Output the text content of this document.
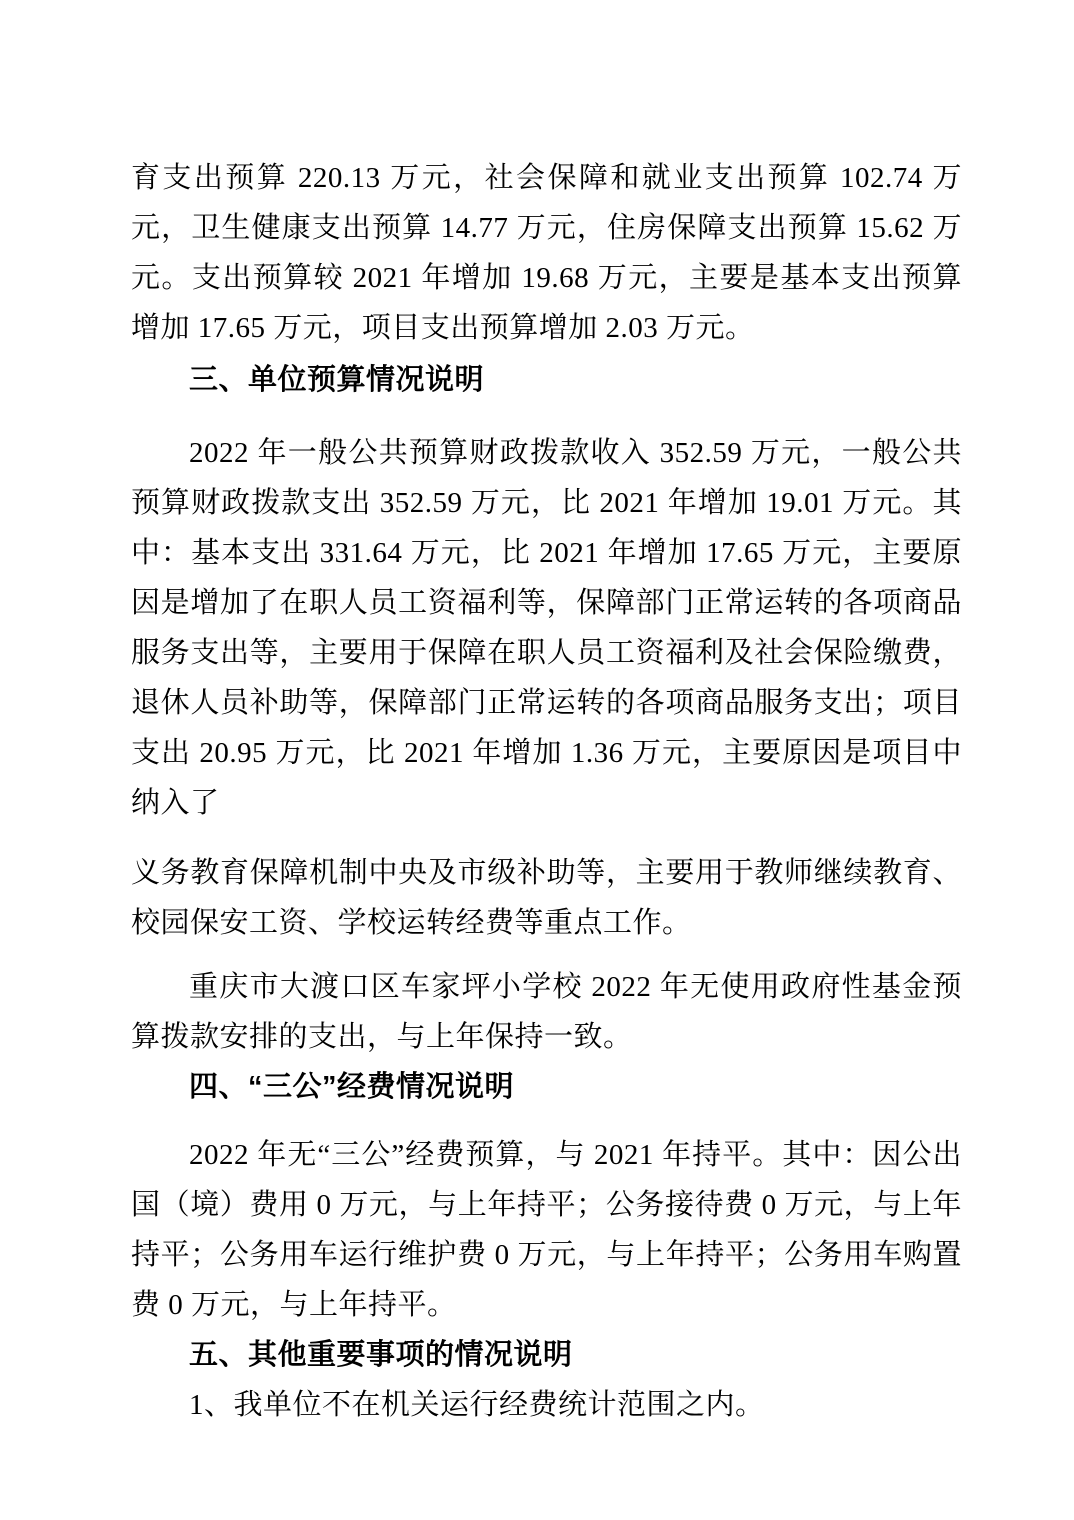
育支出预算 220.13 万元，社会保障和就业支出预算 102.74 万元，卫生健康支出预算 14.77 万元，住房保障支出预算 15.62 万元。支出预算较 2021 年增加 19.68 万元，主要是基本支出预算增加 17.65 万元，项目支出预算增加 2.03 万元。

三、单位预算情况说明

2022 年一般公共预算财政拨款收入 352.59 万元，一般公共预算财政拨款支出 352.59 万元，比 2021 年增加 19.01 万元。其中：基本支出 331.64 万元，比 2021 年增加 17.65 万元，主要原因是增加了在职人员工资福利等，保障部门正常运转的各项商品服务支出等，主要用于保障在职人员工资福利及社会保险缴费，退休人员补助等，保障部门正常运转的各项商品服务支出；项目支出 20.95 万元，比 2021 年增加 1.36 万元，主要原因是项目中纳入了

义务教育保障机制中央及市级补助等，主要用于教师继续教育、校园保安工资、学校运转经费等重点工作。

重庆市大渡口区车家坪小学校 2022 年无使用政府性基金预算拨款安排的支出，与上年保持一致。

四、“三公”经费情况说明

2022 年无“三公”经费预算，与 2021 年持平。其中：因公出国（境）费用 0 万元，与上年持平；公务接待费 0 万元，与上年持平；公务用车运行维护费 0 万元，与上年持平；公务用车购置费 0 万元，与上年持平。

五、其他重要事项的情况说明

1、我单位不在机关运行经费统计范围之内。
